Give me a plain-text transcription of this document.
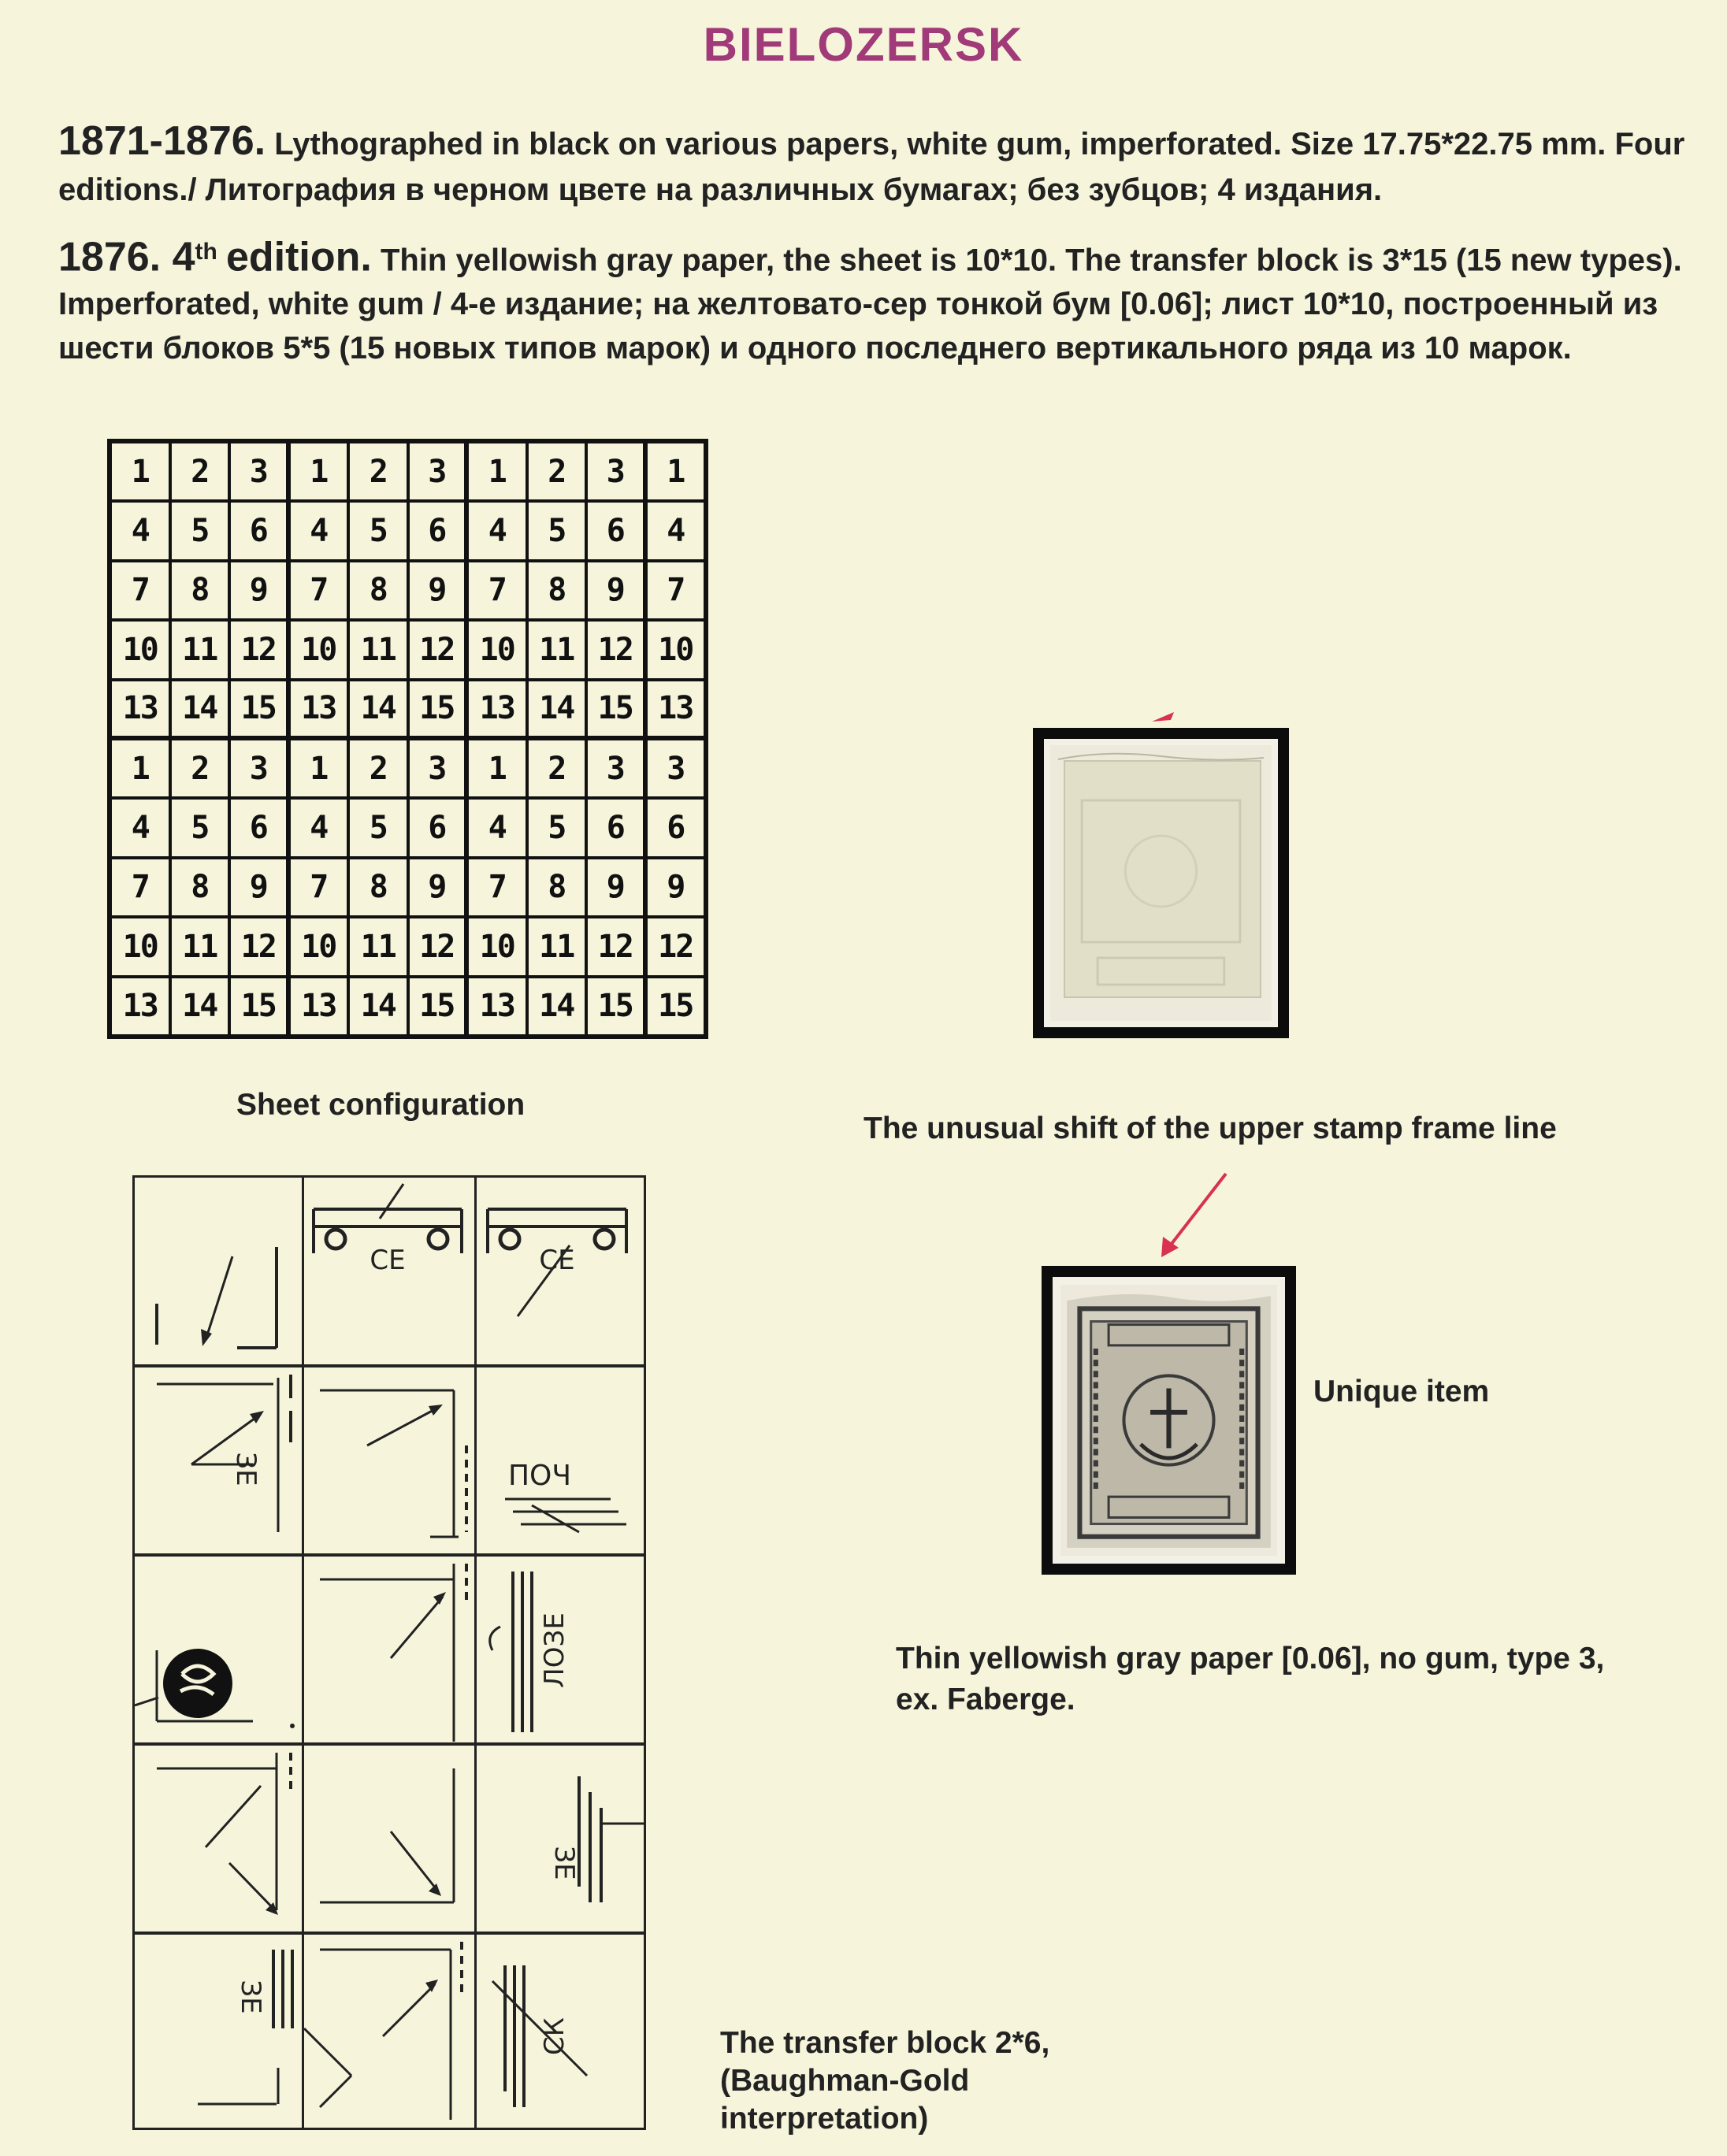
BIELOZERSK
1871-1876. Lythographed in black on various papers, white gum, imperforated. Size 17.75*22.75 mm. Four editions./ Литография в черном цвете на различных бумагах; без зубцов; 4 издания.
1876. 4th edition. Thin yellowish gray paper, the sheet is 10*10. The transfer block is 3*15 (15 new types). Imperforated, white gum / 4-е издание; на желтовато-сер тонкой бум [0.06]; лист 10*10, построенный из шести блоков 5*5 (15 новых типов марок) и одного последнего вертикального ряда из 10 марок.
1	2	3	1	2	3	1	2	3	1
4	5	6	4	5	6	4	5	6	4
7	8	9	7	8	9	7	8	9	7
10 11 12 10 11 12 10 11 12 10
13 14 15 13 14 15 13 14 15 13
1	2	3	1	2	3	1	2	3	3
4	5	6	4	5	6	4	5	6	6
7	8	9	7	8	9	7	8	9	9
10 11 12 10 11 12 10 11 12 12
13 14 15 13 14 15 13 14 15 15
Sheet configuration
The unusual shift of the upper stamp frame line
Unique item
Thin yellowish gray paper [0.06], no gum, type 3, ex. Faberge.
СЕ	СЕ
ЗЕ	ПОЧ
ЛОЗЕ
ЗЕ
ЗЕ
СК	The transfer block 2*6,
(Baughman-Gold
interpretation)
